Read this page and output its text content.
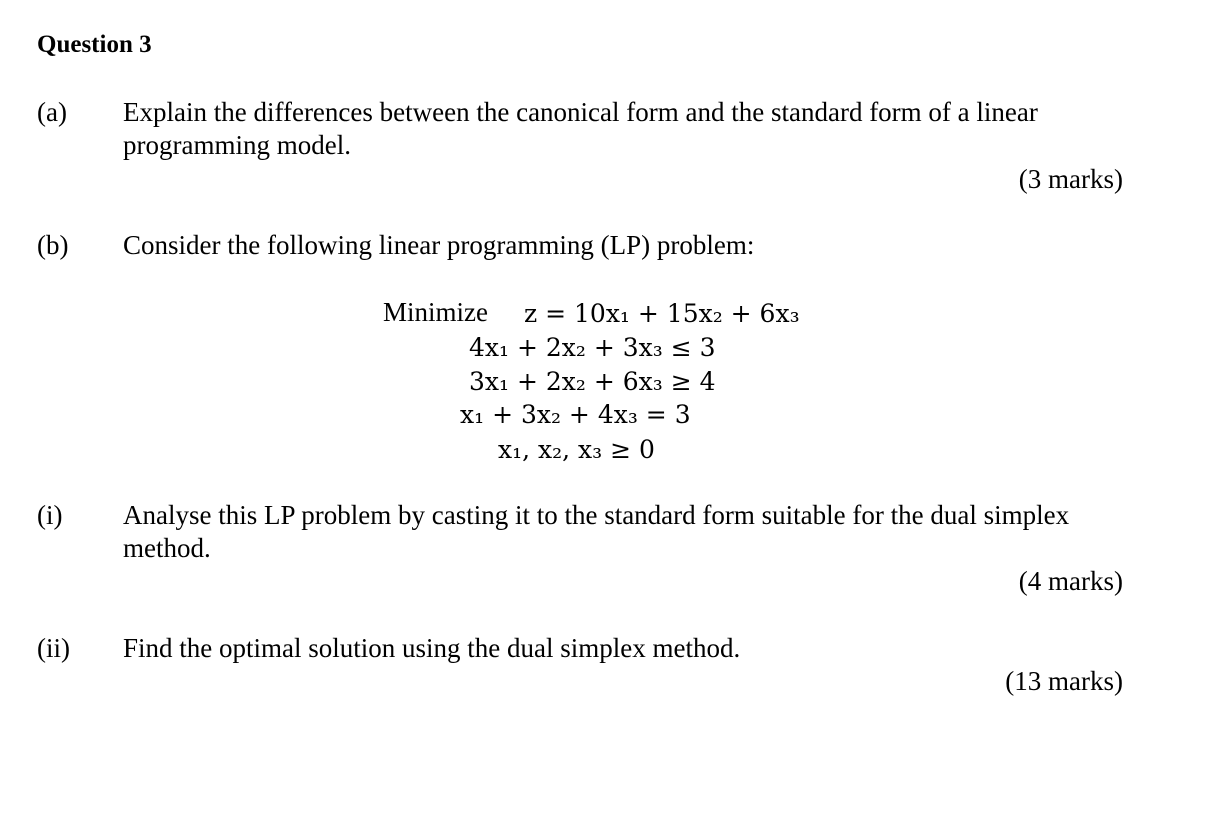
Question 3
(a) Explain the differences between the canonical form and the standard form of a linear
programming model.
(3 marks)
(b) Consider the following linear programming (LP) problem:
Minimize z = 10x₁ + 15x₂ + 6x₃
4x₁ + 2x₂ + 3x₃ ≤ 3
3x₁ + 2x₂ + 6x₃ ≥ 4
x₁ + 3x₂ + 4x₃ = 3
x₁, x₂, x₃ ≥ 0
(i) Analyse this LP problem by casting it to the standard form suitable for the dual simplex
method.
(4 marks)
(ii) Find the optimal solution using the dual simplex method.
(13 marks)
